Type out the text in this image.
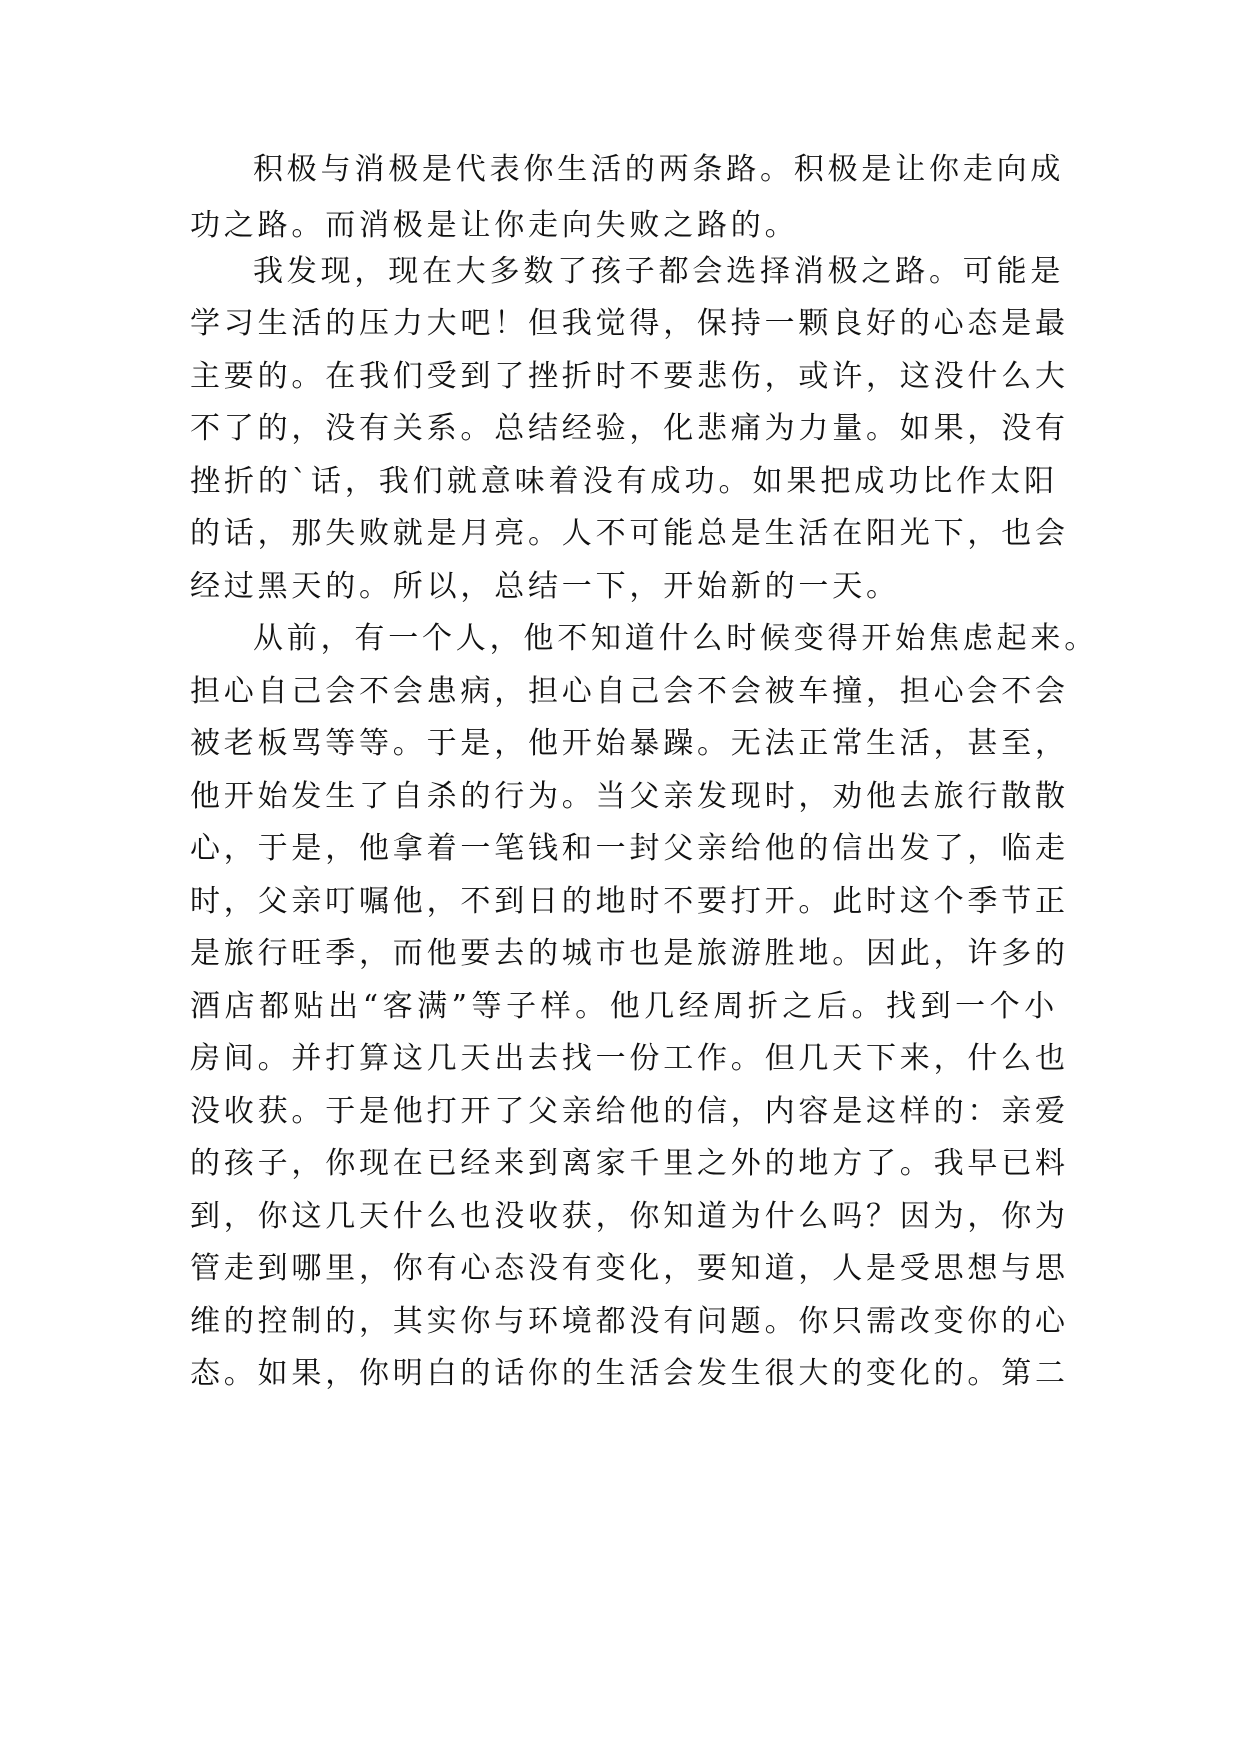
积极与消极是代表你生活的两条路。积极是让你走向成
功之路。而消极是让你走向失败之路的。
我发现，现在大多数了孩子都会选择消极之路。可能是
学习生活的压力大吧！但我觉得，保持一颗良好的心态是最
主要的。在我们受到了挫折时不要悲伤，或许，这没什么大
不了的，没有关系。总结经验，化悲痛为力量。如果，没有
挫折的`话，我们就意味着没有成功。如果把成功比作太阳
的话，那失败就是月亮。人不可能总是生活在阳光下，也会
经过黑天的。所以，总结一下，开始新的一天。
从前，有一个人，他不知道什么时候变得开始焦虑起来。
担心自己会不会患病，担心自己会不会被车撞，担心会不会
被老板骂等等。于是，他开始暴躁。无法正常生活，甚至，
他开始发生了自杀的行为。当父亲发现时，劝他去旅行散散
心，于是，他拿着一笔钱和一封父亲给他的信出发了，临走
时，父亲叮嘱他，不到日的地时不要打开。此时这个季节正
是旅行旺季，而他要去的城市也是旅游胜地。因此，许多的
酒店都贴出“客满”等子样。他几经周折之后。找到一个小
房间。并打算这几天出去找一份工作。但几天下来，什么也
没收获。于是他打开了父亲给他的信，内容是这样的：亲爱
的孩子，你现在已经来到离家千里之外的地方了。我早已料
到，你这几天什么也没收获，你知道为什么吗？因为，你为
管走到哪里，你有心态没有变化，要知道，人是受思想与思
维的控制的，其实你与环境都没有问题。你只需改变你的心
态。如果，你明白的话你的生活会发生很大的变化的。第二
